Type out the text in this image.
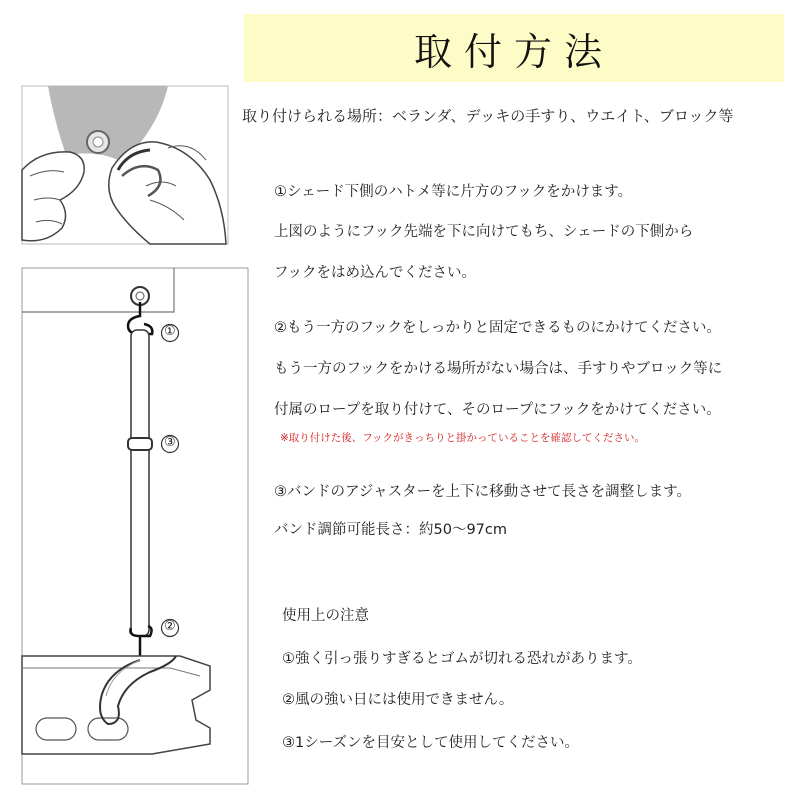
取付方法
①
③
②
取り付けられる場所：ベランダ、デッキの手すり、ウエイト、ブロック等
①シェード下側のハトメ等に片方のフックをかけます。
上図のようにフック先端を下に向けてもち、シェードの下側から
フックをはめ込んでください。
②もう一方のフックをしっかりと固定できるものにかけてください。
もう一方のフックをかける場所がない場合は、手すりやブロック等に
付属のロープを取り付けて、そのロープにフックをかけてください。
※取り付けた後、フックがきっちりと掛かっていることを確認してください。
③バンドのアジャスターを上下に移動させて長さを調整します。
バンド調節可能長さ：約50～97cm
使用上の注意
①強く引っ張りすぎるとゴムが切れる恐れがあります。
②風の強い日には使用できません。
③1シーズンを目安として使用してください。
